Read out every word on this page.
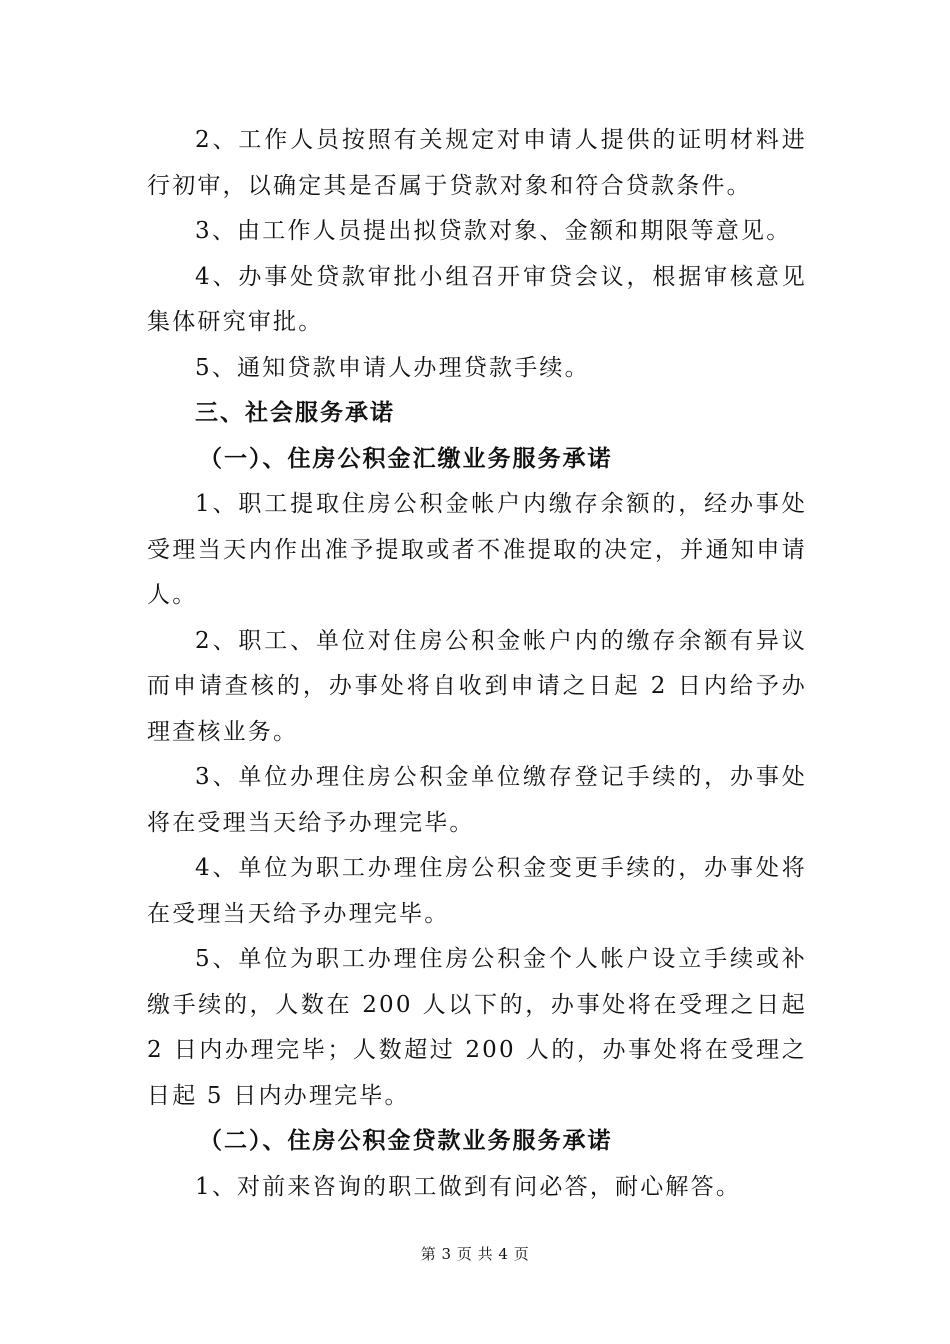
2、工作人员按照有关规定对申请人提供的证明材料进行初审，以确定其是否属于贷款对象和符合贷款条件。

3、由工作人员提出拟贷款对象、金额和期限等意见。

4、办事处贷款审批小组召开审贷会议，根据审核意见集体研究审批。

5、通知贷款申请人办理贷款手续。

三、社会服务承诺

（一）、住房公积金汇缴业务服务承诺

1、职工提取住房公积金帐户内缴存余额的，经办事处受理当天内作出准予提取或者不准提取的决定，并通知申请人。

2、职工、单位对住房公积金帐户内的缴存余额有异议而申请查核的，办事处将自收到申请之日起 2 日内给予办理查核业务。

3、单位办理住房公积金单位缴存登记手续的，办事处将在受理当天给予办理完毕。

4、单位为职工办理住房公积金变更手续的，办事处将在受理当天给予办理完毕。

5、单位为职工办理住房公积金个人帐户设立手续或补缴手续的，人数在 200 人以下的，办事处将在受理之日起 2 日内办理完毕；人数超过 200 人的，办事处将在受理之日起 5 日内办理完毕。

（二）、住房公积金贷款业务服务承诺

1、对前来咨询的职工做到有问必答，耐心解答。

第 3 页 共 4 页
